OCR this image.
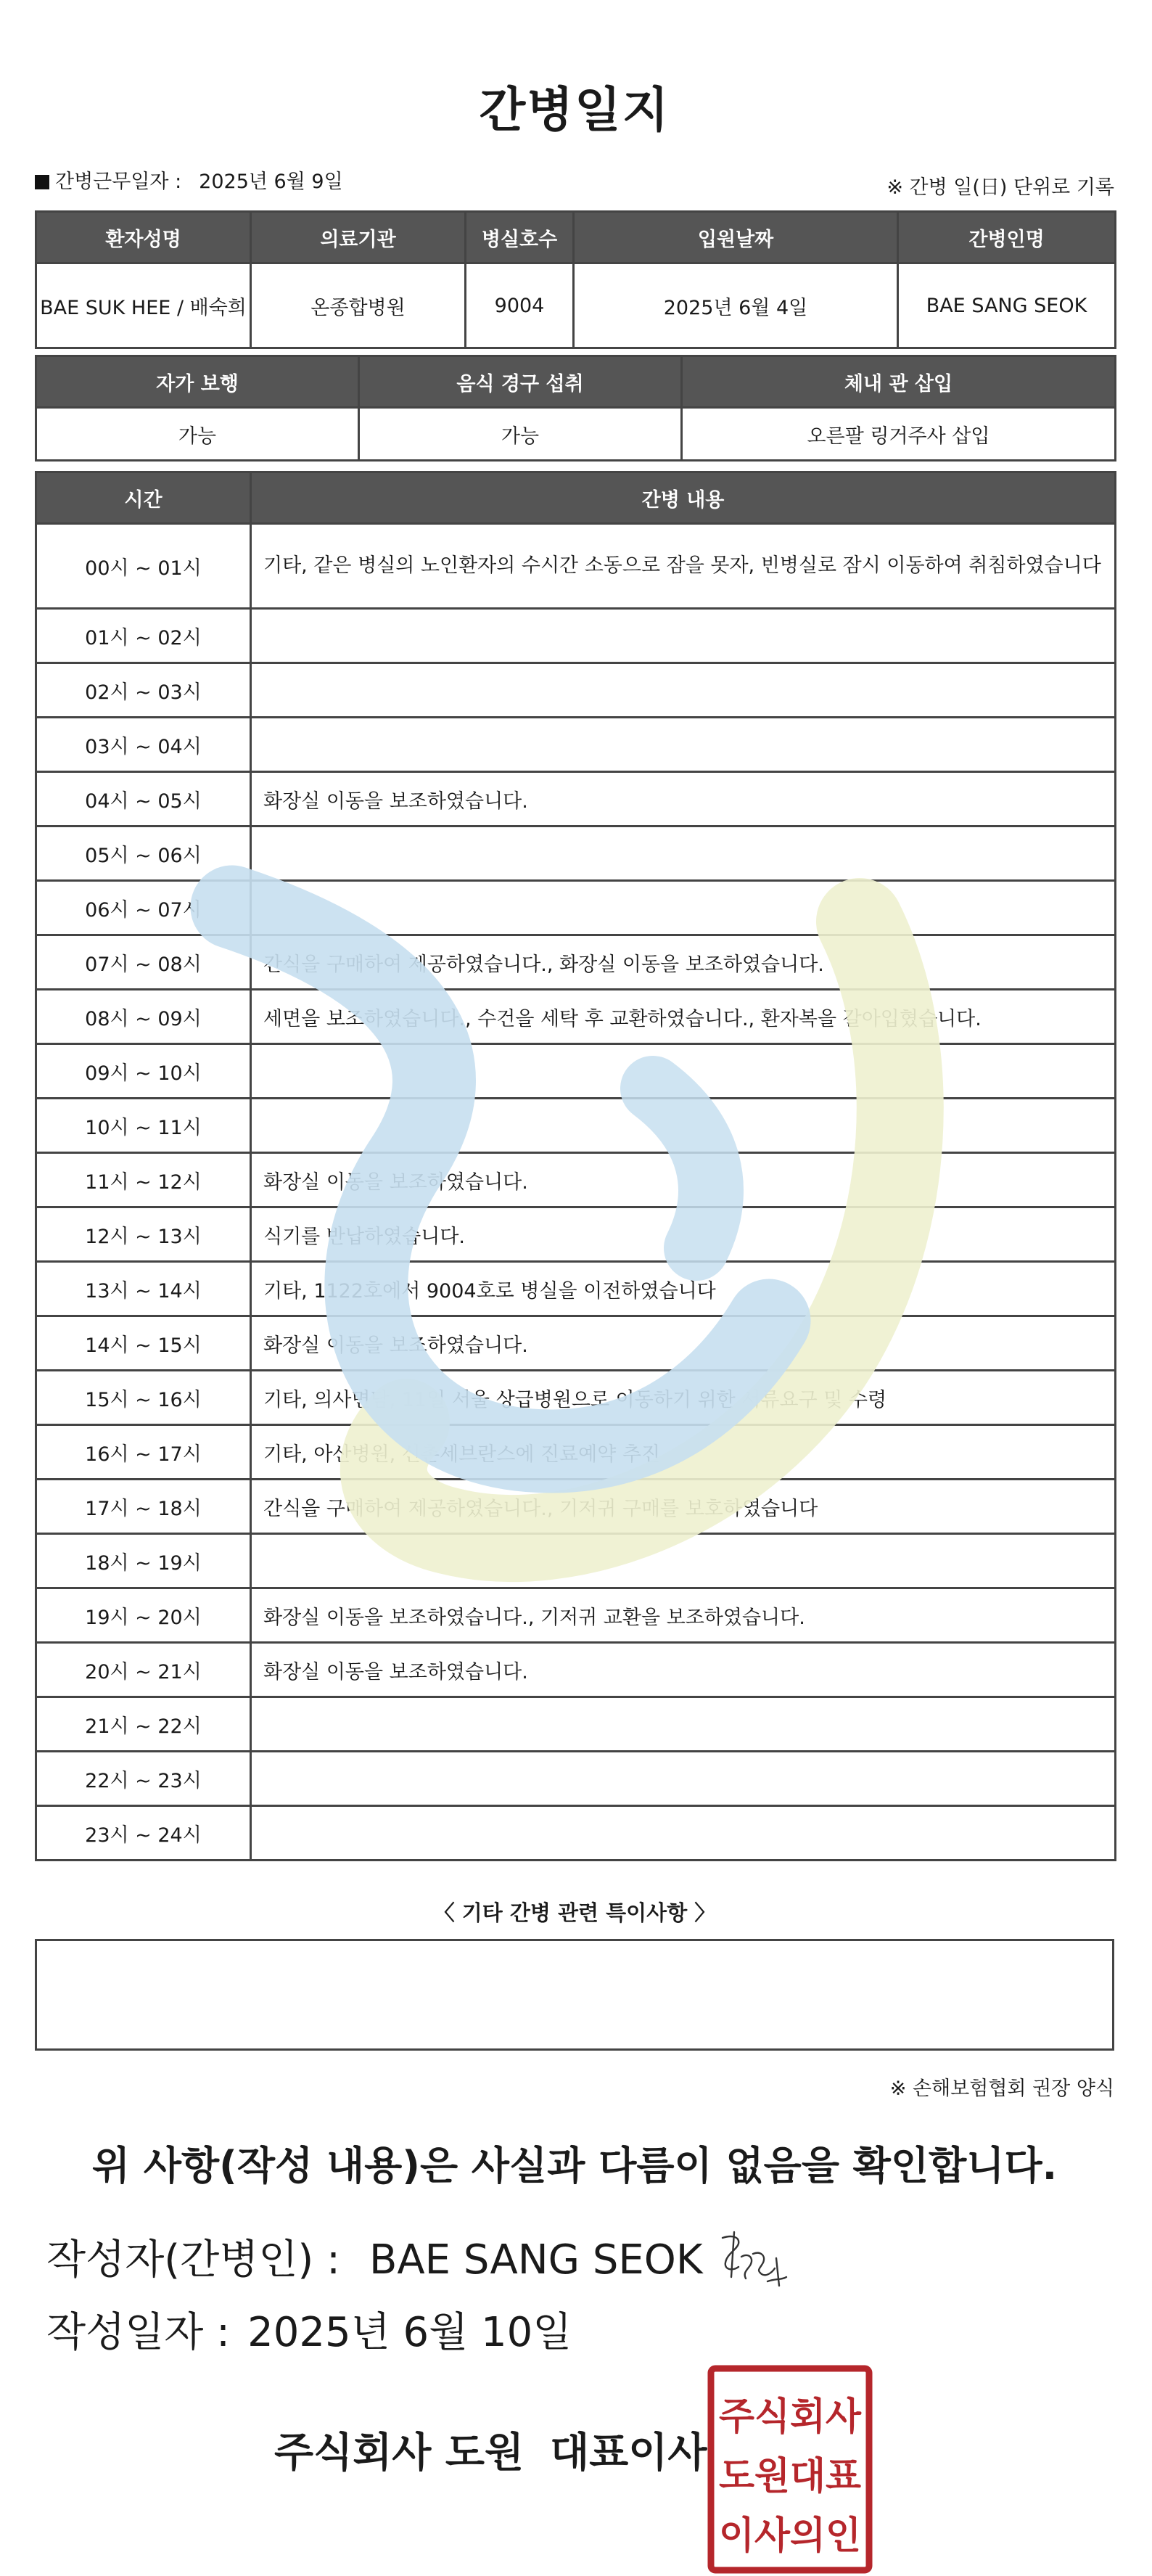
간병일지
간병근무일자 : 2025년 6월 9일	※ 간병 일(日) 단위로 기록
환자성명	의료기관	병실호수	입원날짜	간병인명
BAE SUK HEE / 배숙희	온종합병원	9004	2025년 6월 4일	BAE SANG SEOK
자가 보행	음식 경구 섭취	체내 관 삽입
가능	가능	오른팔 링거주사 삽입
시간	간병 내용
00시 ~ 01시	기타, 같은 병실의 노인환자의 수시간 소동으로 잠을 못자, 빈병실로 잠시 이동하여 취침하였습니다
01시 ~ 02시	
02시 ~ 03시	
03시 ~ 04시	
04시 ~ 05시	화장실 이동을 보조하였습니다.
05시 ~ 06시	
06시 ~ 07시	
07시 ~ 08시	간식을 구매하여 제공하였습니다., 화장실 이동을 보조하였습니다.
08시 ~ 09시	세면을 보조하였습니다., 수건을 세탁 후 교환하였습니다., 환자복을 갈아입혔습니다.
09시 ~ 10시	
10시 ~ 11시	
11시 ~ 12시	화장실 이동을 보조하였습니다.
12시 ~ 13시	식기를 반납하였습니다.
13시 ~ 14시	기타, 1122호에서 9004호로 병실을 이전하였습니다
14시 ~ 15시	화장실 이동을 보조하였습니다.
15시 ~ 16시	기타, 의사면담, 11일 서울 상급병원으로 이동하기 위한 서류요구 및 수령
16시 ~ 17시	기타, 아산병원, 신촌세브란스에 진료예약 추진
17시 ~ 18시	간식을 구매하여 제공하였습니다., 기저귀 구매를 보호하였습니다
18시 ~ 19시	
19시 ~ 20시	화장실 이동을 보조하였습니다., 기저귀 교환을 보조하였습니다.
20시 ~ 21시	화장실 이동을 보조하였습니다.
21시 ~ 22시	
22시 ~ 23시	
23시 ~ 24시	
〈 기타 간병 관련 특이사항 〉
※ 손해보험협회 권장 양식
위 사항(작성 내용)은 사실과 다름이 없음을 확인합니다.
작성자(간병인) : BAE SANG SEOK
작성일자 : 2025년 6월 10일
주식회사 도원 대표이사
주식회사
도원대표
이사의인
